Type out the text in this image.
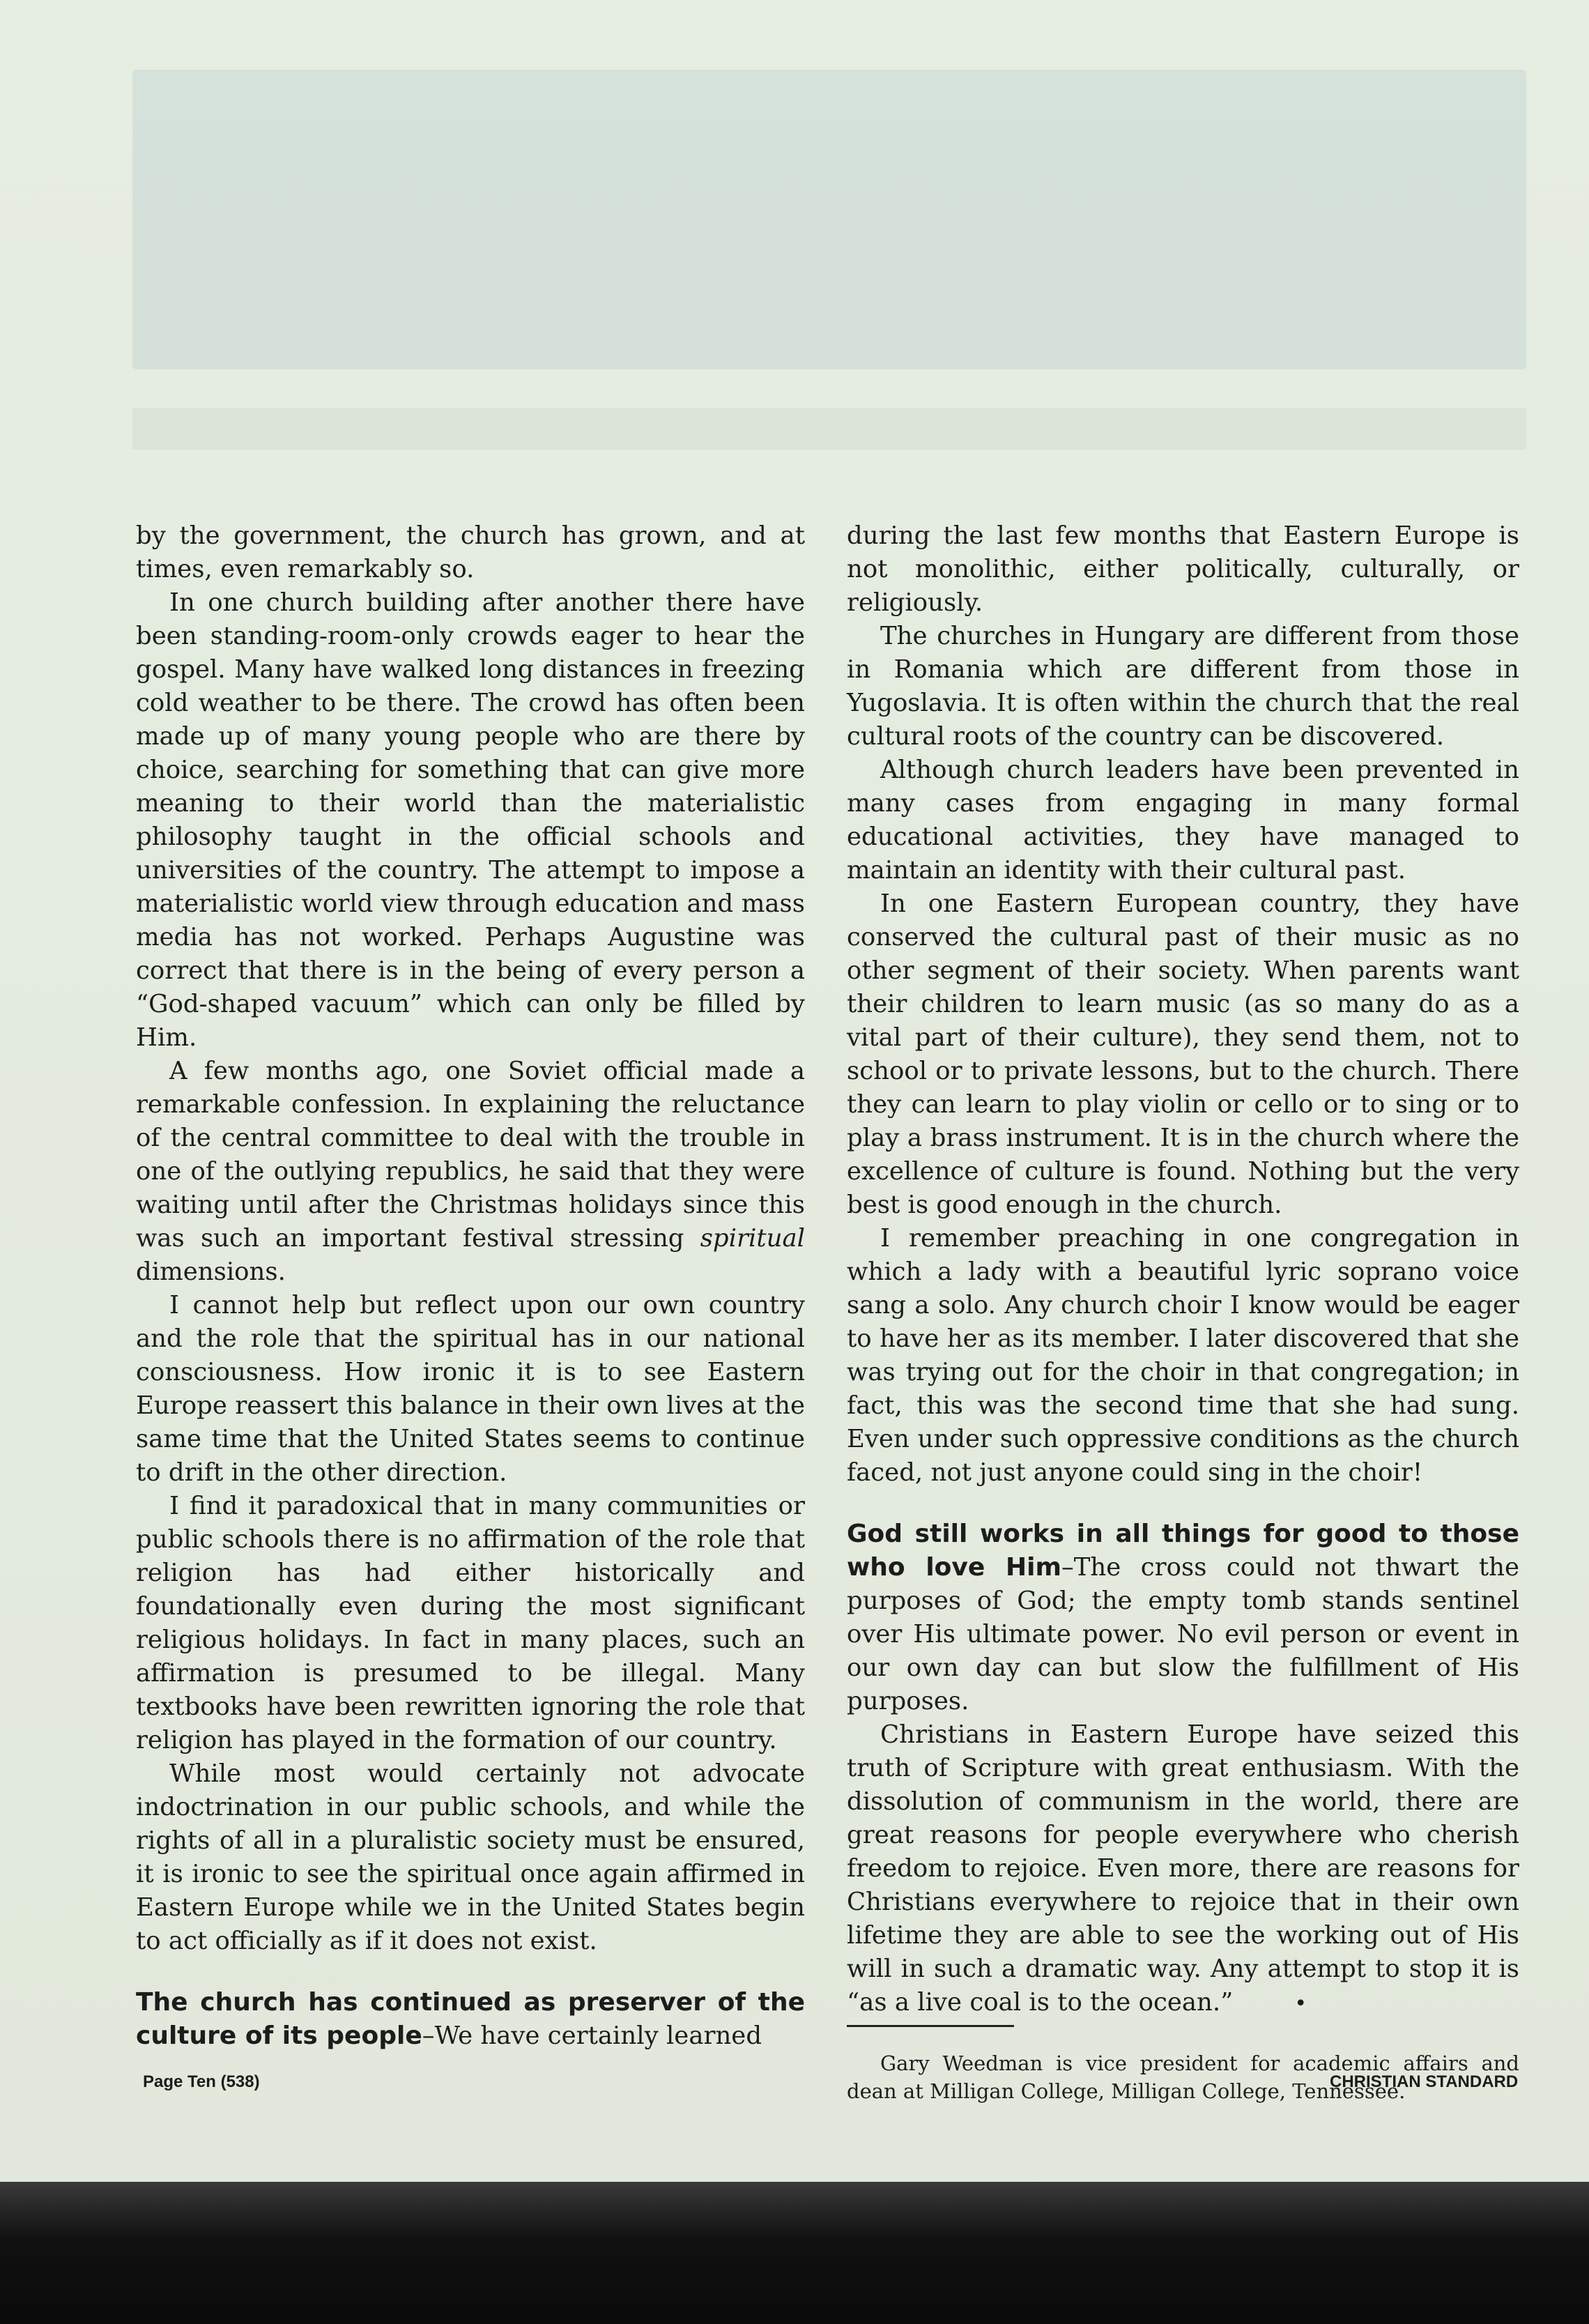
by the government, the church has grown, and at times, even remarkably so.

In one church building after another there have been standing-room-only crowds eager to hear the gospel. Many have walked long distances in freezing cold weather to be there. The crowd has often been made up of many young people who are there by choice, searching for something that can give more meaning to their world than the materialistic philosophy taught in the official schools and universities of the country. The attempt to impose a materialistic world view through education and mass media has not worked. Perhaps Augustine was correct that there is in the being of every person a “God-shaped vacuum” which can only be filled by Him.

A few months ago, one Soviet official made a remarkable confession. In explaining the reluctance of the central committee to deal with the trouble in one of the outlying republics, he said that they were waiting until after the Christmas holidays since this was such an important festival stressing spiritual dimensions.

I cannot help but reflect upon our own country and the role that the spiritual has in our national consciousness. How ironic it is to see Eastern Europe reassert this balance in their own lives at the same time that the United States seems to continue to drift in the other direction.

I find it paradoxical that in many communities or public schools there is no affirmation of the role that religion has had either historically and foundationally even during the most significant religious holidays. In fact in many places, such an affirmation is presumed to be illegal. Many textbooks have been rewritten ignoring the role that religion has played in the formation of our country.

While most would certainly not advocate indoctrination in our public schools, and while the rights of all in a pluralistic society must be ensured, it is ironic to see the spiritual once again affirmed in Eastern Europe while we in the United States begin to act officially as if it does not exist.

The church has continued as preserver of the culture of its people–We have certainly learned

during the last few months that Eastern Europe is not monolithic, either politically, culturally, or religiously.

The churches in Hungary are different from those in Romania which are different from those in Yugoslavia. It is often within the church that the real cultural roots of the country can be discovered.

Although church leaders have been prevented in many cases from engaging in many formal educational activities, they have managed to maintain an identity with their cultural past.

In one Eastern European country, they have conserved the cultural past of their music as no other segment of their society. When parents want their children to learn music (as so many do as a vital part of their culture), they send them, not to school or to private lessons, but to the church. There they can learn to play violin or cello or to sing or to play a brass instrument. It is in the church where the excellence of culture is found. Nothing but the very best is good enough in the church.

I remember preaching in one congregation in which a lady with a beautiful lyric soprano voice sang a solo. Any church choir I know would be eager to have her as its member. I later discovered that she was trying out for the choir in that congregation; in fact, this was the second time that she had sung. Even under such oppressive conditions as the church faced, not just anyone could sing in the choir!

God still works in all things for good to those who love Him–The cross could not thwart the purposes of God; the empty tomb stands sentinel over His ultimate power. No evil person or event in our own day can but slow the fulfillment of His purposes.

Christians in Eastern Europe have seized this truth of Scripture with great enthusiasm. With the dissolution of communism in the world, there are great reasons for people everywhere who cherish freedom to rejoice. Even more, there are reasons for Christians everywhere to rejoice that in their own lifetime they are able to see the working out of His will in such a dramatic way. Any attempt to stop it is “as a live coal is to the ocean.”	•

Gary Weedman is vice president for academic affairs and dean at Milligan College, Milligan College, Tennessee.

Page Ten (538)	CHRISTIAN STANDARD
